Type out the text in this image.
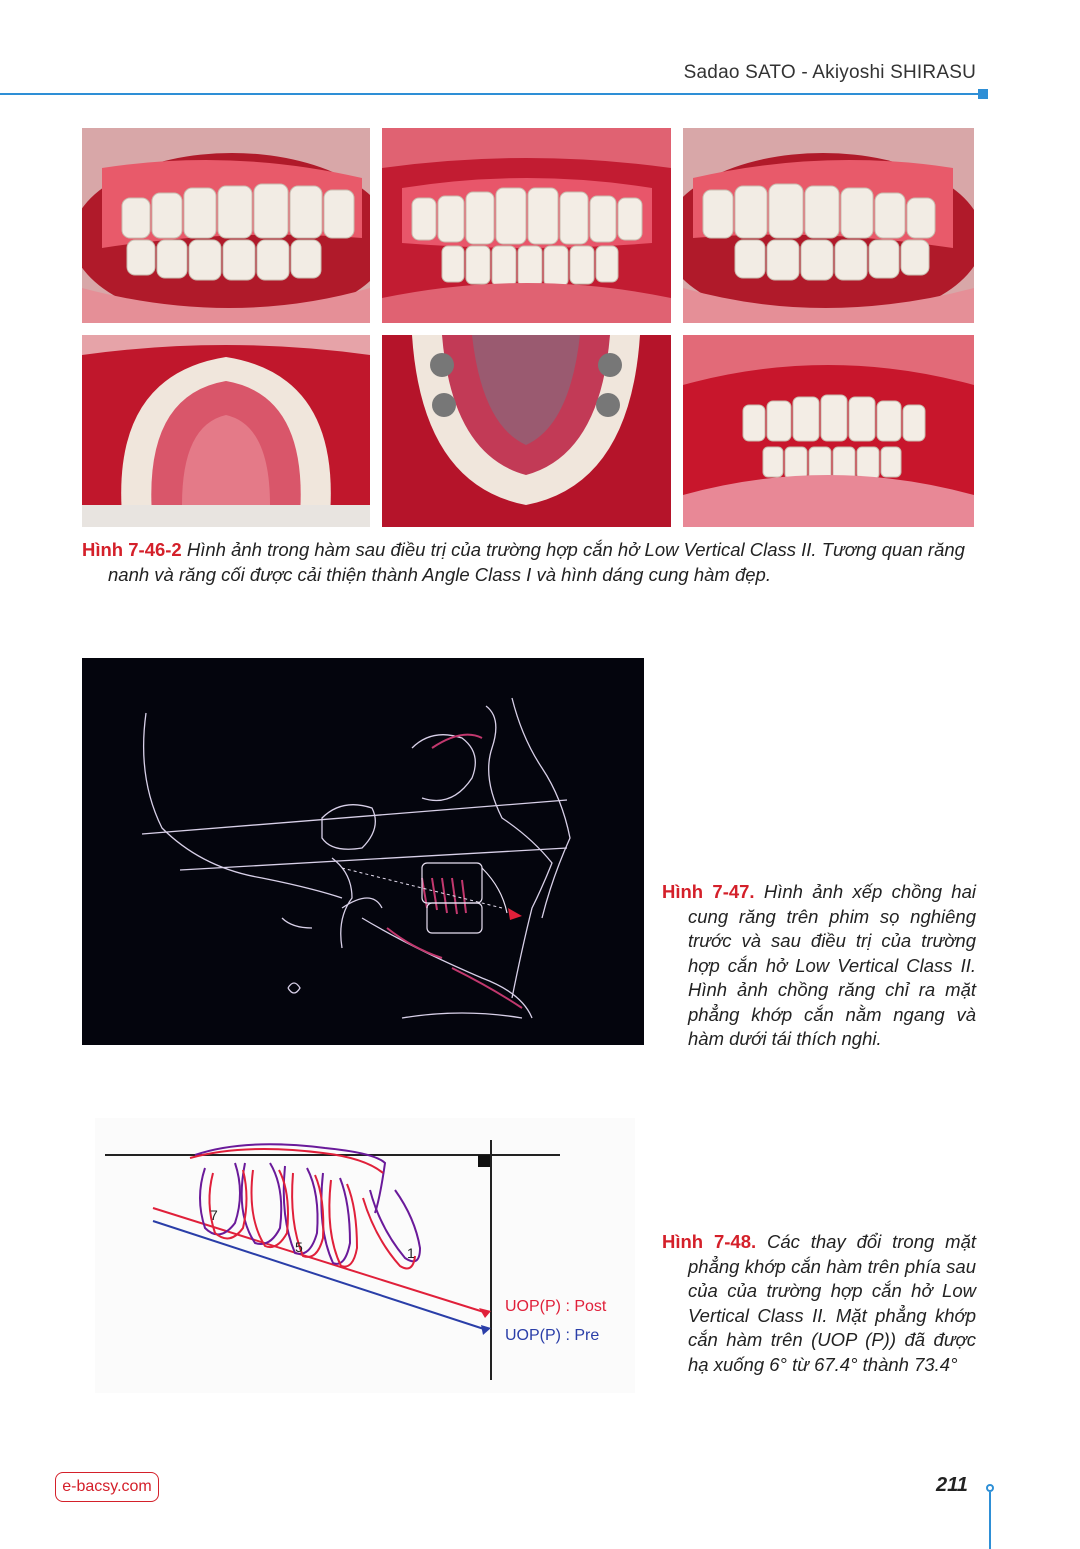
Sadao SATO - Akiyoshi SHIRASU
Hình 7-46-2 Hình ảnh trong hàm sau điều trị của trường hợp cắn hở Low Vertical Class II. Tương quan răng nanh và răng cối được cải thiện thành Angle Class I và hình dáng cung hàm đẹp.
Hình 7-47. Hình ảnh xếp chồng hai cung răng trên phim sọ nghiêng trước và sau điều trị của trường hợp cắn hở Low Vertical Class II. Hình ảnh chồng răng chỉ ra mặt phẳng khớp cắn nằm ngang và hàm dưới tái thích nghi.
7
5	1
UOP(P) : Post
UOP(P) : Pre
Hình 7-48. Các thay đổi trong mặt phẳng khớp cắn hàm trên phía sau của của trường hợp cắn hở Low Vertical Class II. Mặt phẳng khớp cắn hàm trên (UOP (P)) đã được hạ xuống 6° từ 67.4° thành 73.4°
e-bacsy.com	211
